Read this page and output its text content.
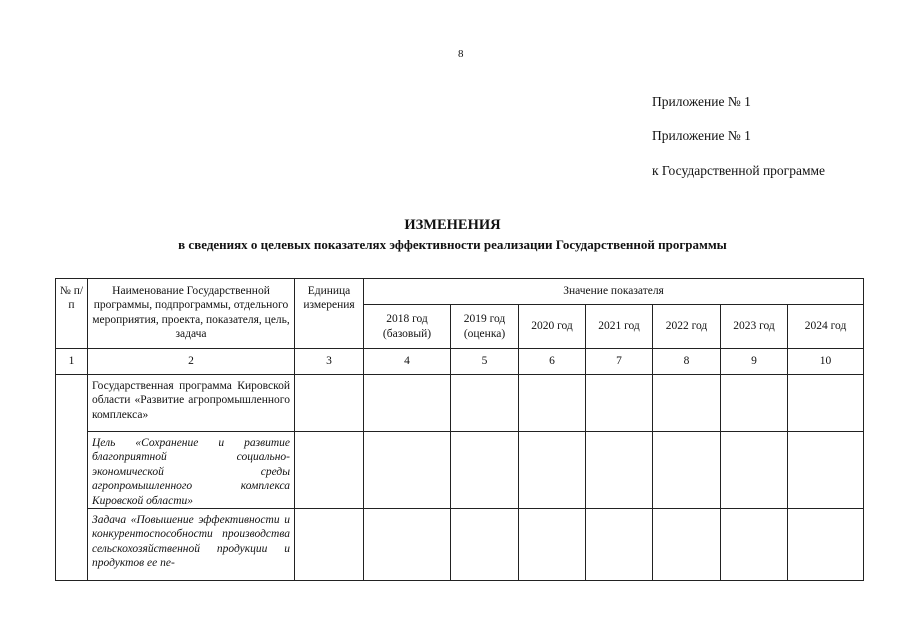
8
Приложение № 1
Приложение № 1
к Государственной программе
ИЗМЕНЕНИЯ
в сведениях о целевых показателях эффективности реализации Государственной программы
№ п/п	Наименование Государственной программы, подпрограммы, отдельного мероприятия, проекта, показателя, цель, задача	Единица измерения	Значение показателя						
			2018 год (базовый)	2019 год (оценка)	2020 год	2021 год	2022 год	2023 год	2024 год
1	2	3	4	5	6	7	8	9	10
	Государственная программа Кировской области «Развитие агропромышленного комплекса»								
	Цель «Сохранение и развитие благоприятной социально-экономической среды агропромышленного комплекса Кировской области»								
	Задача «Повышение эффективности и конкурентоспособности производства сельскохозяйственной продукции и продуктов ее пе-								
